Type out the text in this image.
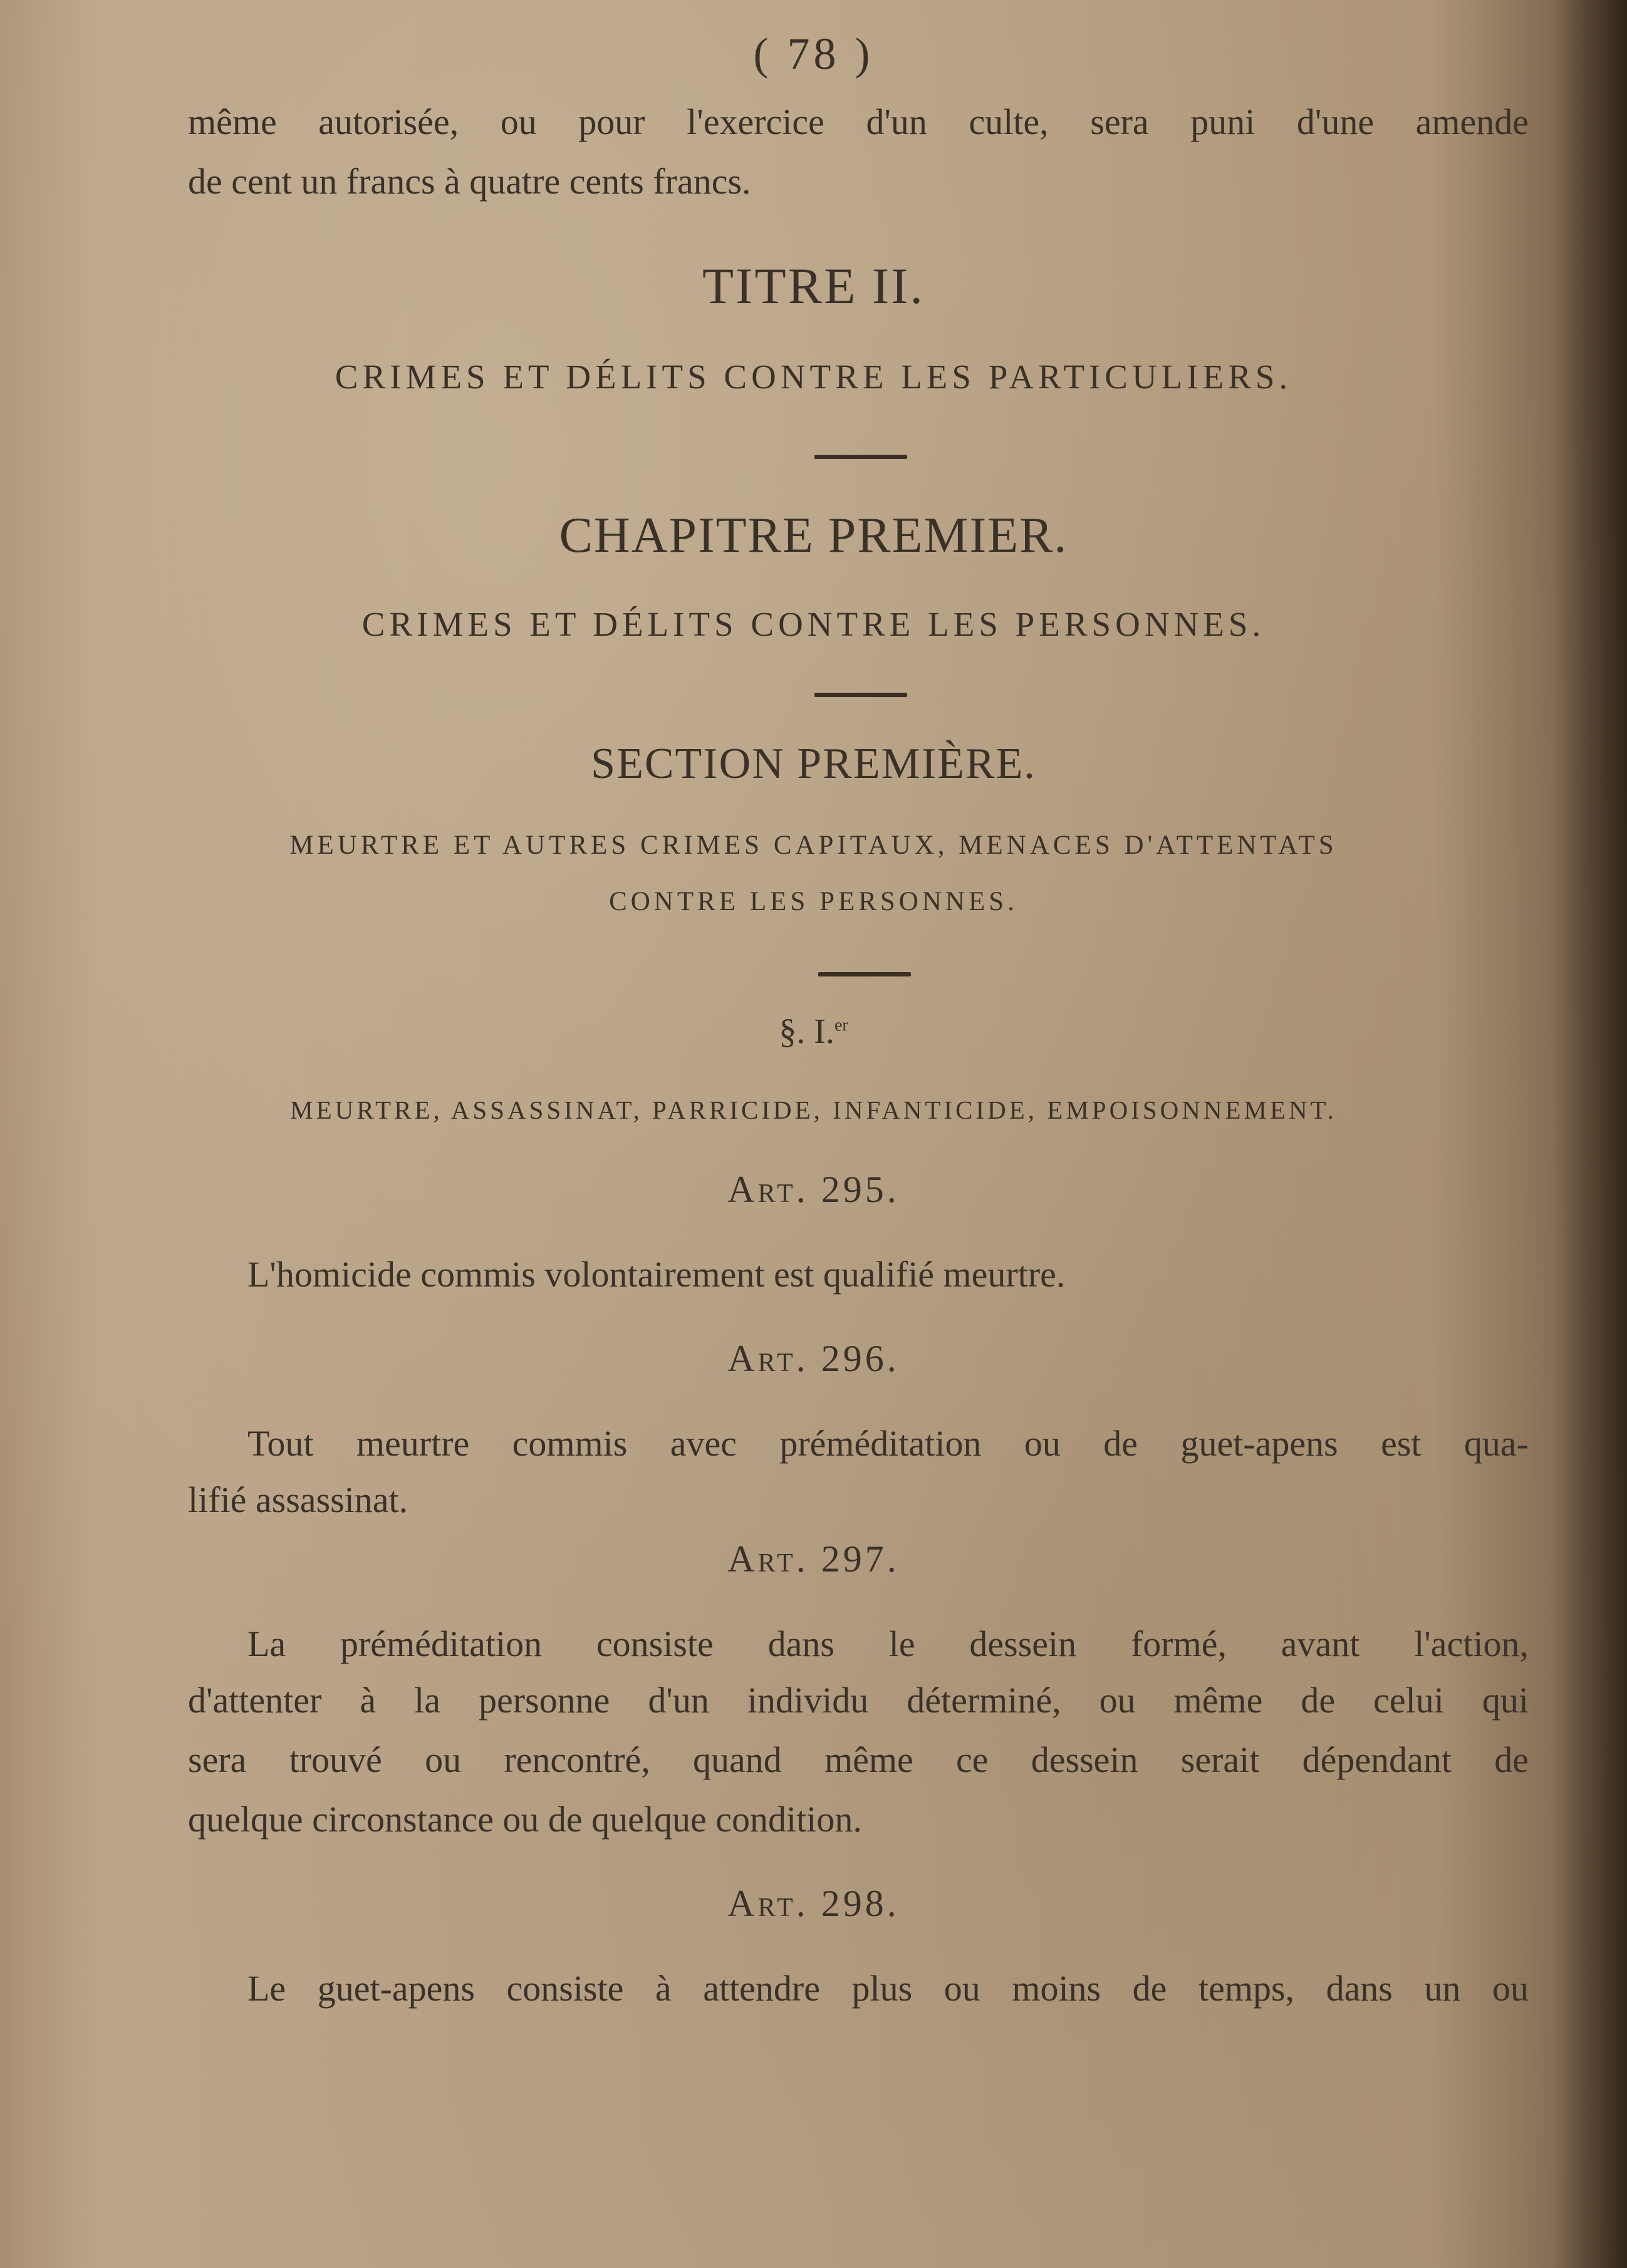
( 78 )
même autorisée, ou pour l'exercice d'un culte, sera puni d'une amende
de cent un francs à quatre cents francs.
TITRE II.
CRIMES ET DÉLITS CONTRE LES PARTICULIERS.
CHAPITRE PREMIER.
CRIMES ET DÉLITS CONTRE LES PERSONNES.
SECTION PREMIÈRE.
MEURTRE ET AUTRES CRIMES CAPITAUX, MENACES D'ATTENTATS
CONTRE LES PERSONNES.
§. I.$^{er}$
MEURTRE, ASSASSINAT, PARRICIDE, INFANTICIDE, EMPOISONNEMENT.
Art. 295.
L'homicide commis volontairement est qualifié meurtre.
Art. 296.
Tout meurtre commis avec préméditation ou de guet-apens est qua-
lifié assassinat.
Art. 297.
La préméditation consiste dans le dessein formé, avant l'action,
d'attenter à la personne d'un individu déterminé, ou même de celui qui
sera trouvé ou rencontré, quand même ce dessein serait dépendant de
quelque circonstance ou de quelque condition.
Art. 298.
Le guet-apens consiste à attendre plus ou moins de temps, dans un ou
